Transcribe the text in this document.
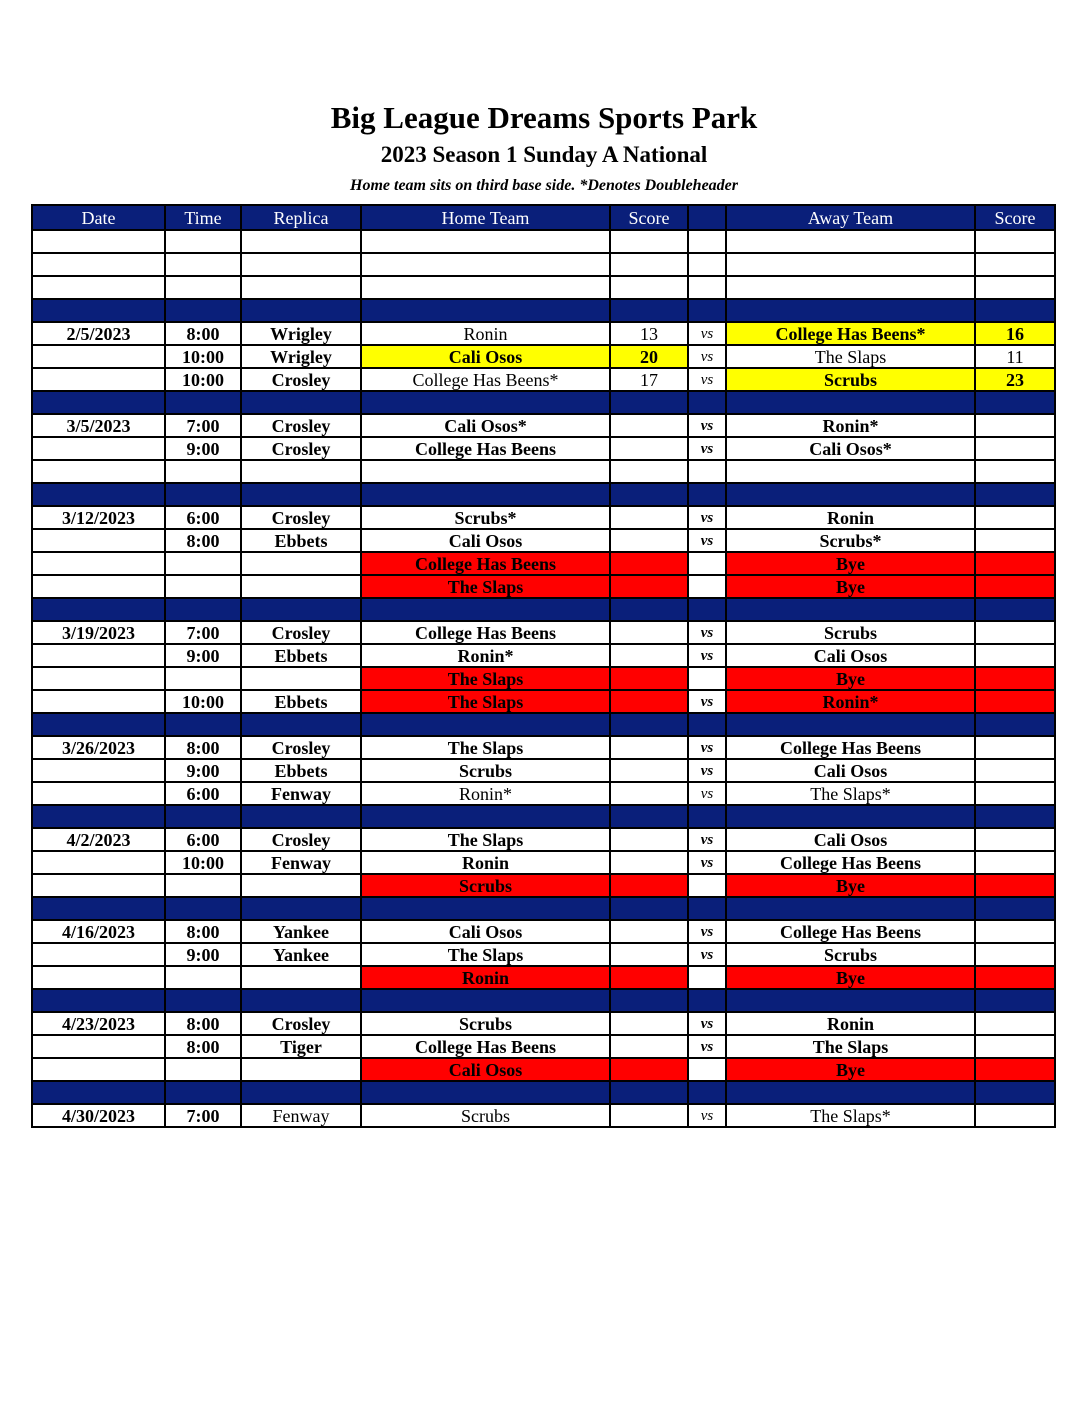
Big League Dreams Sports Park
2023 Season 1 Sunday A National
Home team sits on third base side. *Denotes Doubleheader
Date	Time	Replica	Home Team	Score		Away Team	Score

2/5/2023	8:00	Wrigley	Ronin	13	vs	College Has Beens*	16
	10:00	Wrigley	Cali Osos	20	vs	The Slaps	11
	10:00	Crosley	College Has Beens*	17	vs	Scrubs	23

3/5/2023	7:00	Crosley	Cali Osos*		vs	Ronin*	
	9:00	Crosley	College Has Beens		vs	Cali Osos*	

3/12/2023	6:00	Crosley	Scrubs*		vs	Ronin	
	8:00	Ebbets	Cali Osos		vs	Scrubs*	
			College Has Beens			Bye	
			The Slaps			Bye	

3/19/2023	7:00	Crosley	College Has Beens		vs	Scrubs	
	9:00	Ebbets	Ronin*		vs	Cali Osos	
			The Slaps			Bye	
	10:00	Ebbets	The Slaps		vs	Ronin*	

3/26/2023	8:00	Crosley	The Slaps		vs	College Has Beens	
	9:00	Ebbets	Scrubs		vs	Cali Osos	
	6:00	Fenway	Ronin*		vs	The Slaps*	

4/2/2023	6:00	Crosley	The Slaps		vs	Cali Osos	
	10:00	Fenway	Ronin		vs	College Has Beens	
			Scrubs			Bye	

4/16/2023	8:00	Yankee	Cali Osos		vs	College Has Beens	
	9:00	Yankee	The Slaps		vs	Scrubs	
			Ronin			Bye	

4/23/2023	8:00	Crosley	Scrubs		vs	Ronin	
	8:00	Tiger	College Has Beens		vs	The Slaps	
			Cali Osos			Bye	

4/30/2023	7:00	Fenway	Scrubs		vs	The Slaps*	
